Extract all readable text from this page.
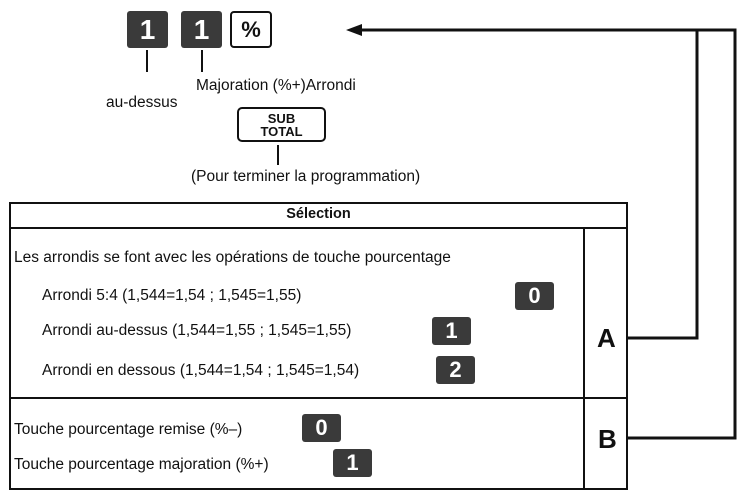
1	1	%
au-dessus
Majoration (%+)Arrondi
SUB
TOTAL
(Pour terminer la programmation)
Sélection
Les arrondis se font avec les opérations de touche pourcentage
Arrondi 5:4 (1,544=1,54 ; 1,545=1,55)	0
Arrondi au-dessus (1,544=1,55 ; 1,545=1,55)	1
Arrondi en dessous (1,544=1,54 ; 1,545=1,54)	2
A
Touche pourcentage remise (%–)	0
Touche pourcentage majoration (%+)	1
B
